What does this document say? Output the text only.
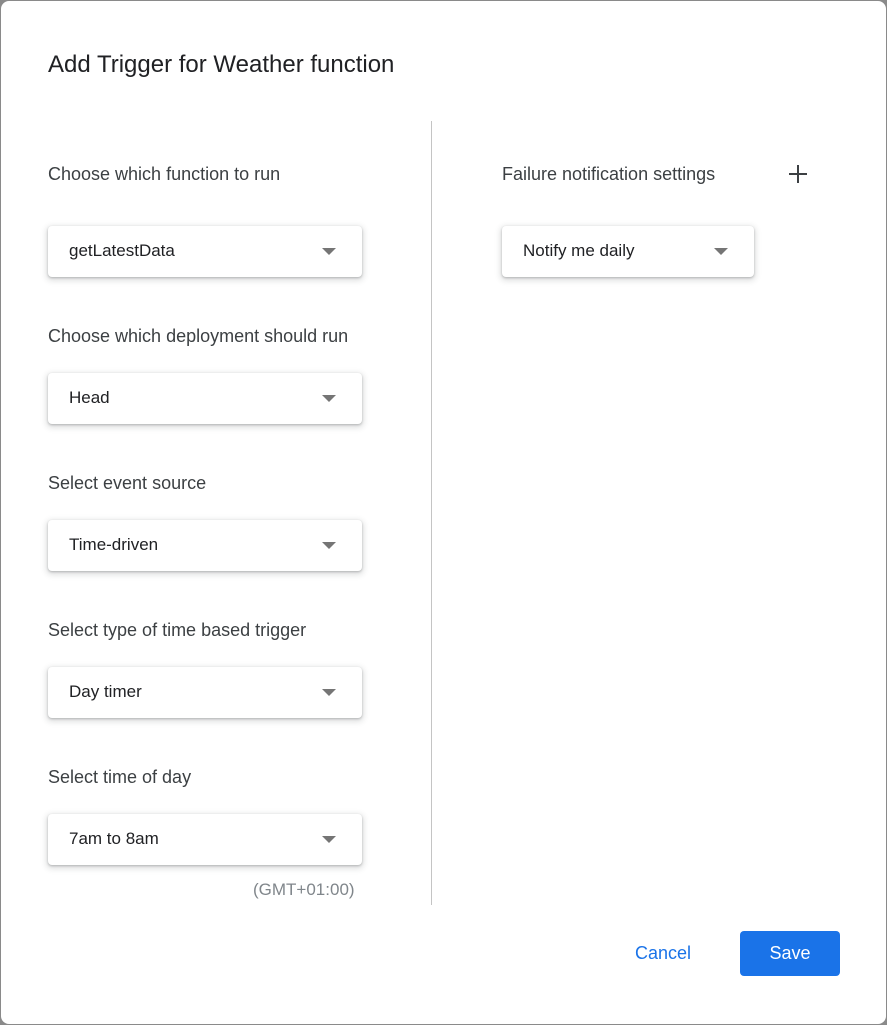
Add Trigger for Weather function
Choose which function to run
getLatestData
Choose which deployment should run
Head
Select event source
Time-driven
Select type of time based trigger
Day timer
Select time of day
7am to 8am
(GMT+01:00)
Failure notification settings
Notify me daily
Cancel	Save
